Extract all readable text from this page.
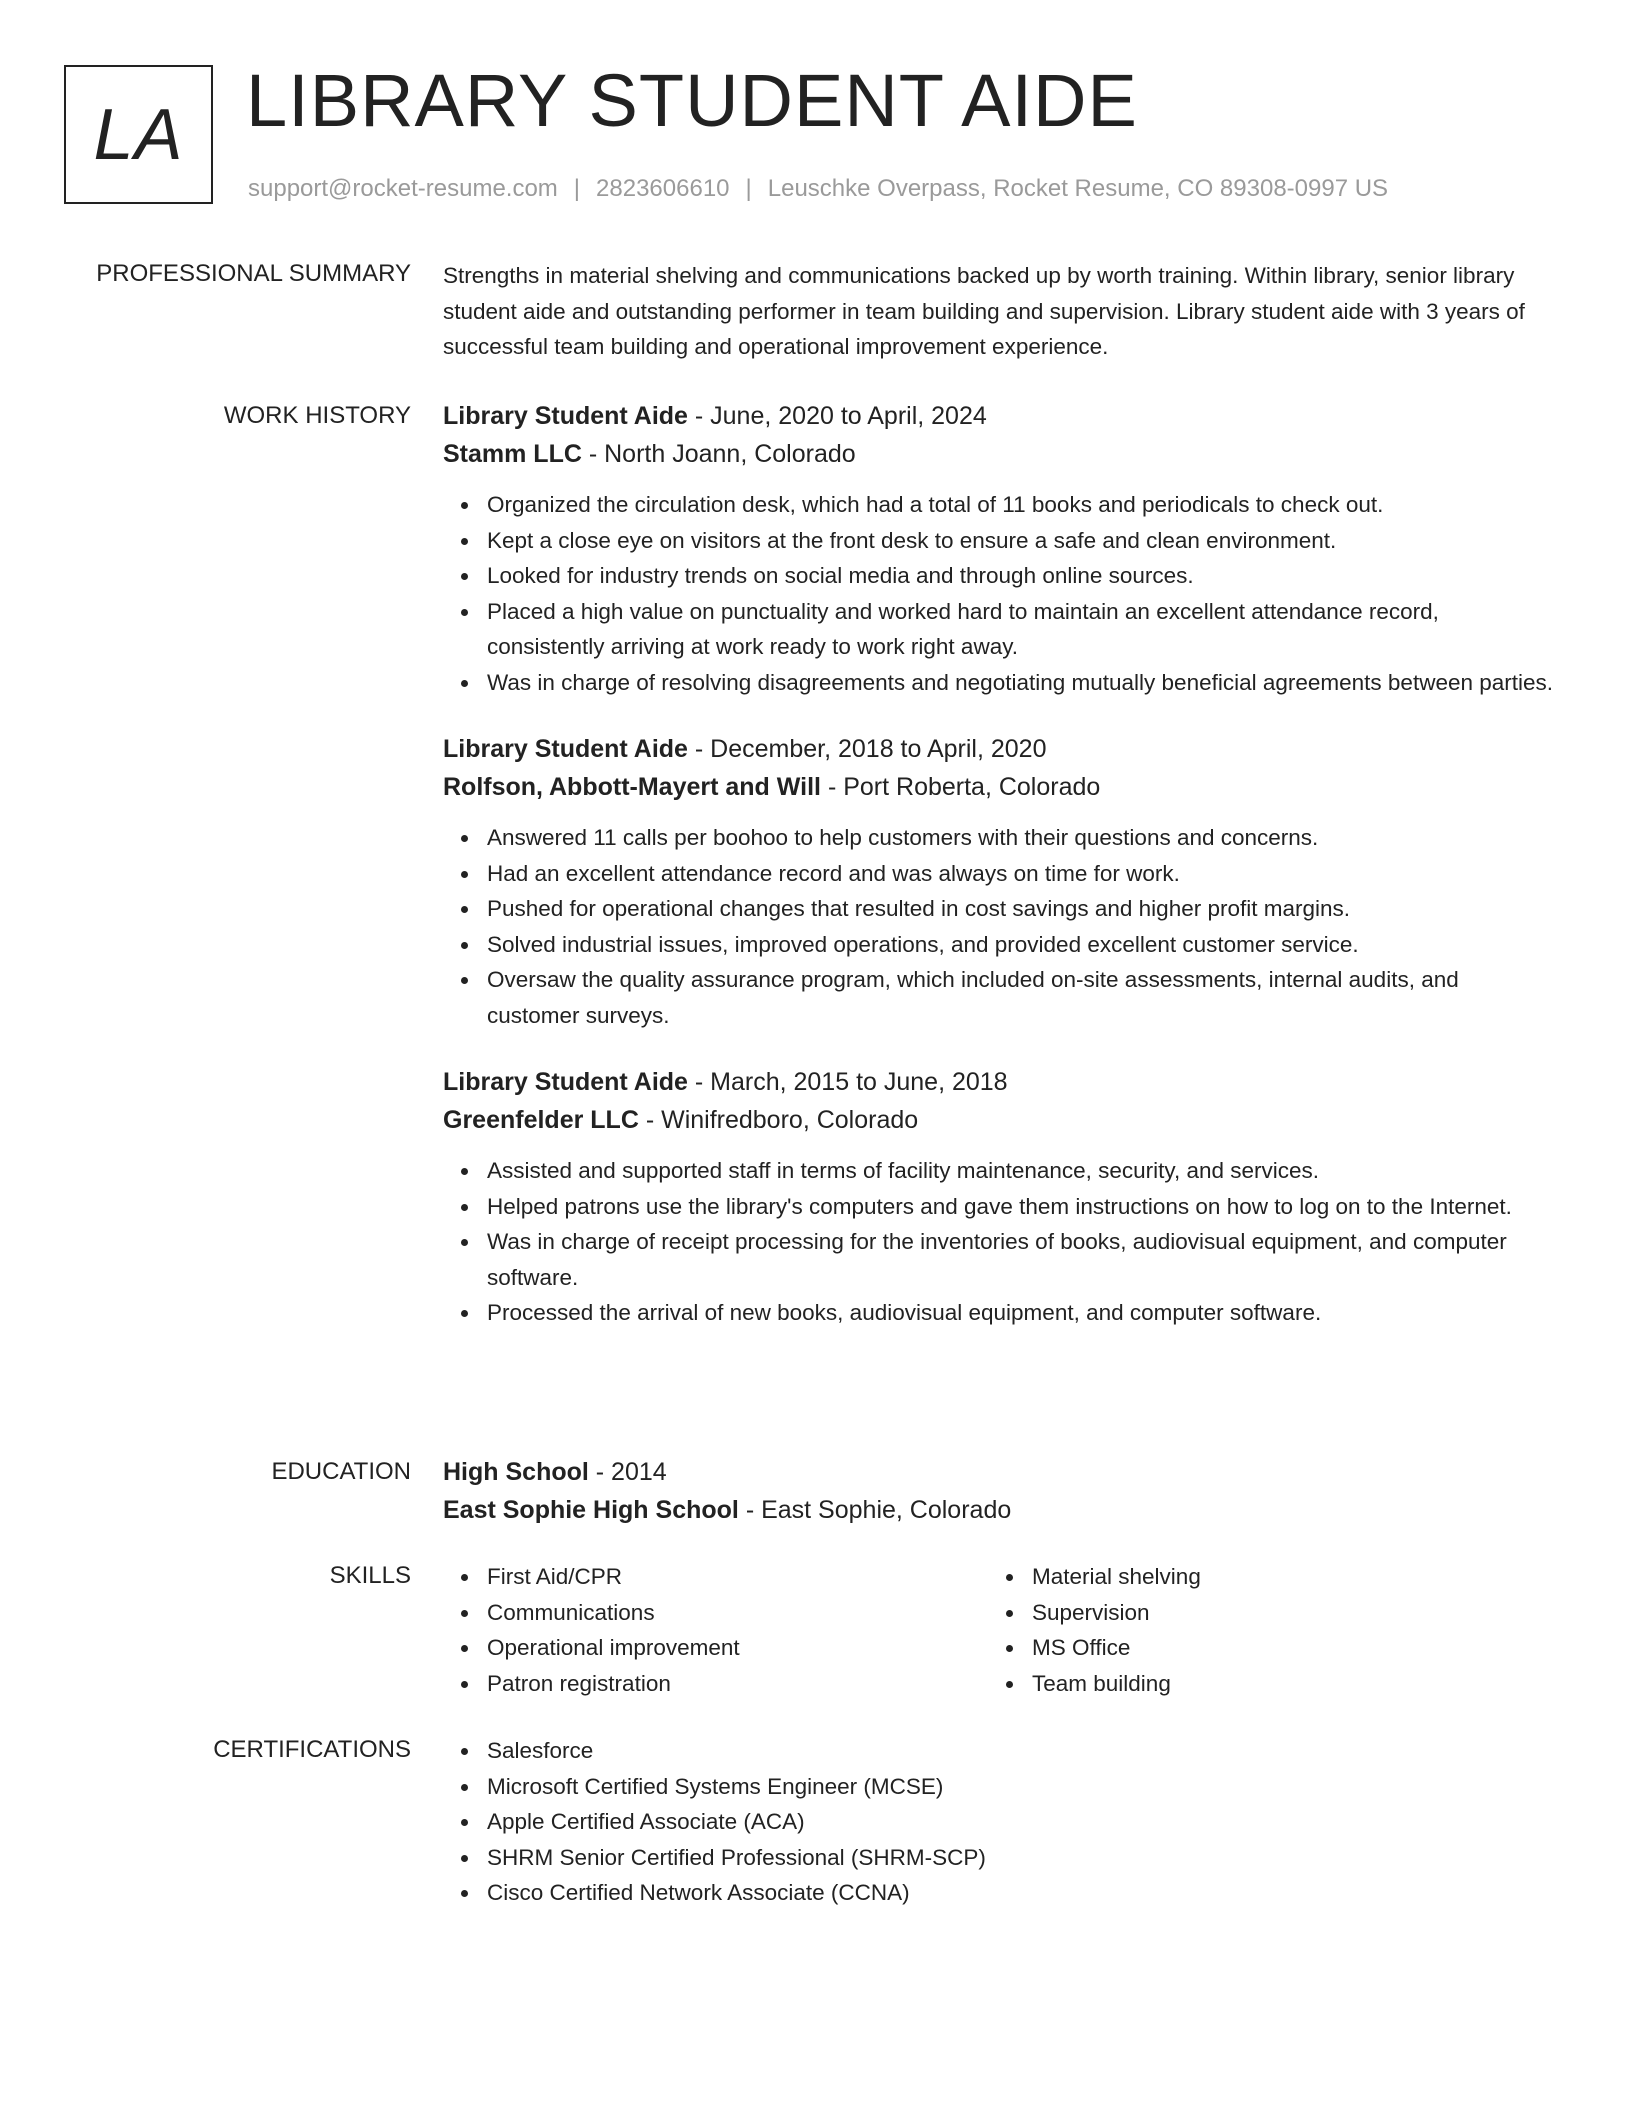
LA LIBRARY STUDENT AIDE
support@rocket-resume.com | 2823606610 | Leuschke Overpass, Rocket Resume, CO 89308-0997 US
PROFESSIONAL SUMMARY Strengths in material shelving and communications backed up by worth training. Within library, senior library student aide and outstanding performer in team building and supervision. Library student aide with 3 years of successful team building and operational improvement experience.

WORK HISTORY Library Student Aide - June, 2020 to April, 2024
Stamm LLC - North Joann, Colorado
Organized the circulation desk, which had a total of 11 books and periodicals to check out.
Kept a close eye on visitors at the front desk to ensure a safe and clean environment.
Looked for industry trends on social media and through online sources.
Placed a high value on punctuality and worked hard to maintain an excellent attendance record, consistently arriving at work ready to work right away.
Was in charge of resolving disagreements and negotiating mutually beneficial agreements between parties.
Library Student Aide - December, 2018 to April, 2020
Rolfson, Abbott-Mayert and Will - Port Roberta, Colorado
Answered 11 calls per boohoo to help customers with their questions and concerns.
Had an excellent attendance record and was always on time for work.
Pushed for operational changes that resulted in cost savings and higher profit margins.
Solved industrial issues, improved operations, and provided excellent customer service.
Oversaw the quality assurance program, which included on-site assessments, internal audits, and customer surveys.
Library Student Aide - March, 2015 to June, 2018
Greenfelder LLC - Winifredboro, Colorado
Assisted and supported staff in terms of facility maintenance, security, and services.
Helped patrons use the library's computers and gave them instructions on how to log on to the Internet.
Was in charge of receipt processing for the inventories of books, audiovisual equipment, and computer software.
Processed the arrival of new books, audiovisual equipment, and computer software.
EDUCATION High School - 2014
East Sophie High School - East Sophie, Colorado
SKILLS	First Aid/CPR
Communications
Operational improvement
Patron registration
Material shelving
Supervision
MS Office
Team building
CERTIFICATIONS	Salesforce
Microsoft Certified Systems Engineer (MCSE)
Apple Certified Associate (ACA)
SHRM Senior Certified Professional (SHRM-SCP)
Cisco Certified Network Associate (CCNA)
